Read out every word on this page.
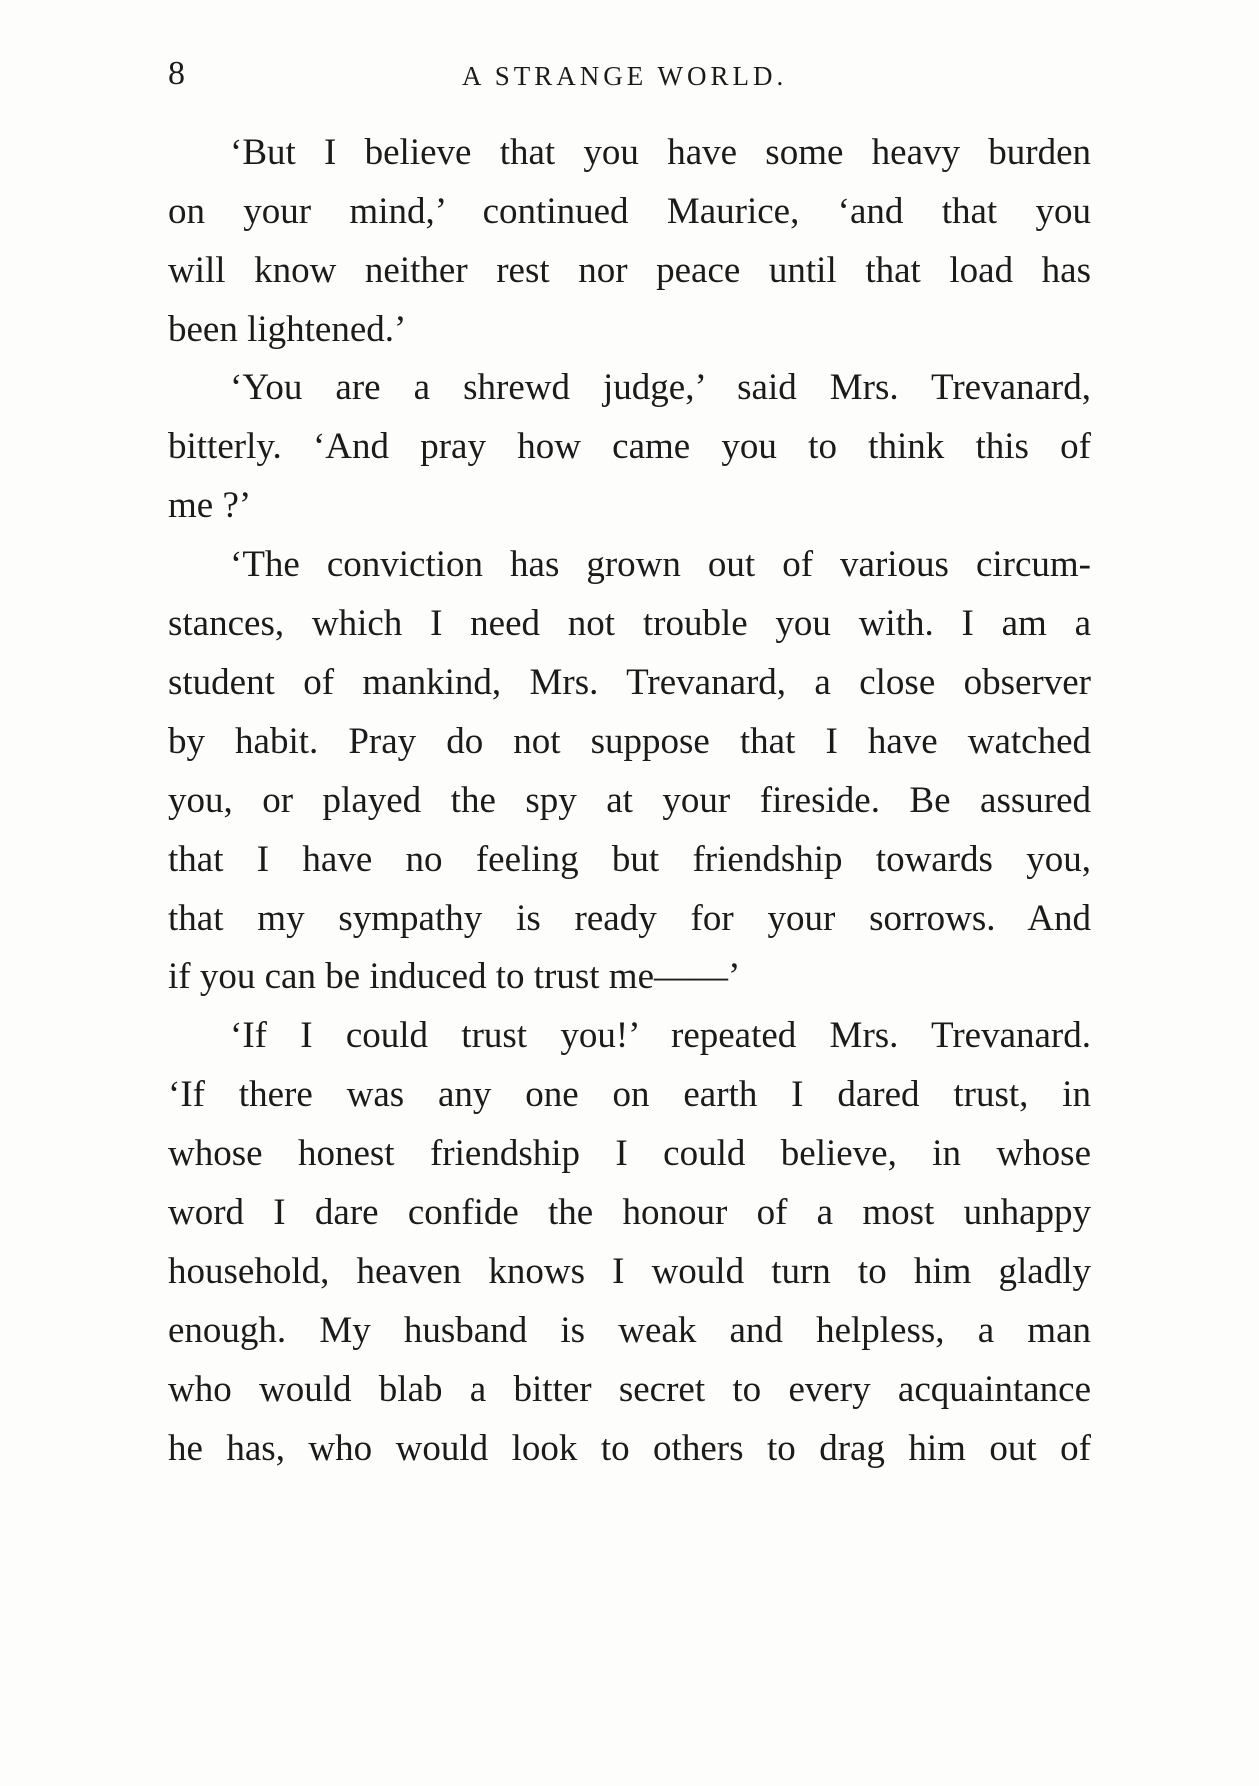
8	A STRANGE WORLD.
‘But I believe that you have some heavy burden
on your mind,’ continued Maurice, ‘and that you
will know neither rest nor peace until that load has
been lightened.’
‘You are a shrewd judge,’ said Mrs. Trevanard,
bitterly. ‘And pray how came you to think this of
me ?’
‘The conviction has grown out of various circum-
stances, which I need not trouble you with. I am a
student of mankind, Mrs. Trevanard, a close observer
by habit. Pray do not suppose that I have watched
you, or played the spy at your fireside. Be assured
that I have no feeling but friendship towards you,
that my sympathy is ready for your sorrows. And
if you can be induced to trust me——’
‘If I could trust you!’ repeated Mrs. Trevanard.
‘If there was any one on earth I dared trust, in
whose honest friendship I could believe, in whose
word I dare confide the honour of a most unhappy
household, heaven knows I would turn to him gladly
enough. My husband is weak and helpless, a man
who would blab a bitter secret to every acquaintance
he has, who would look to others to drag him out of
